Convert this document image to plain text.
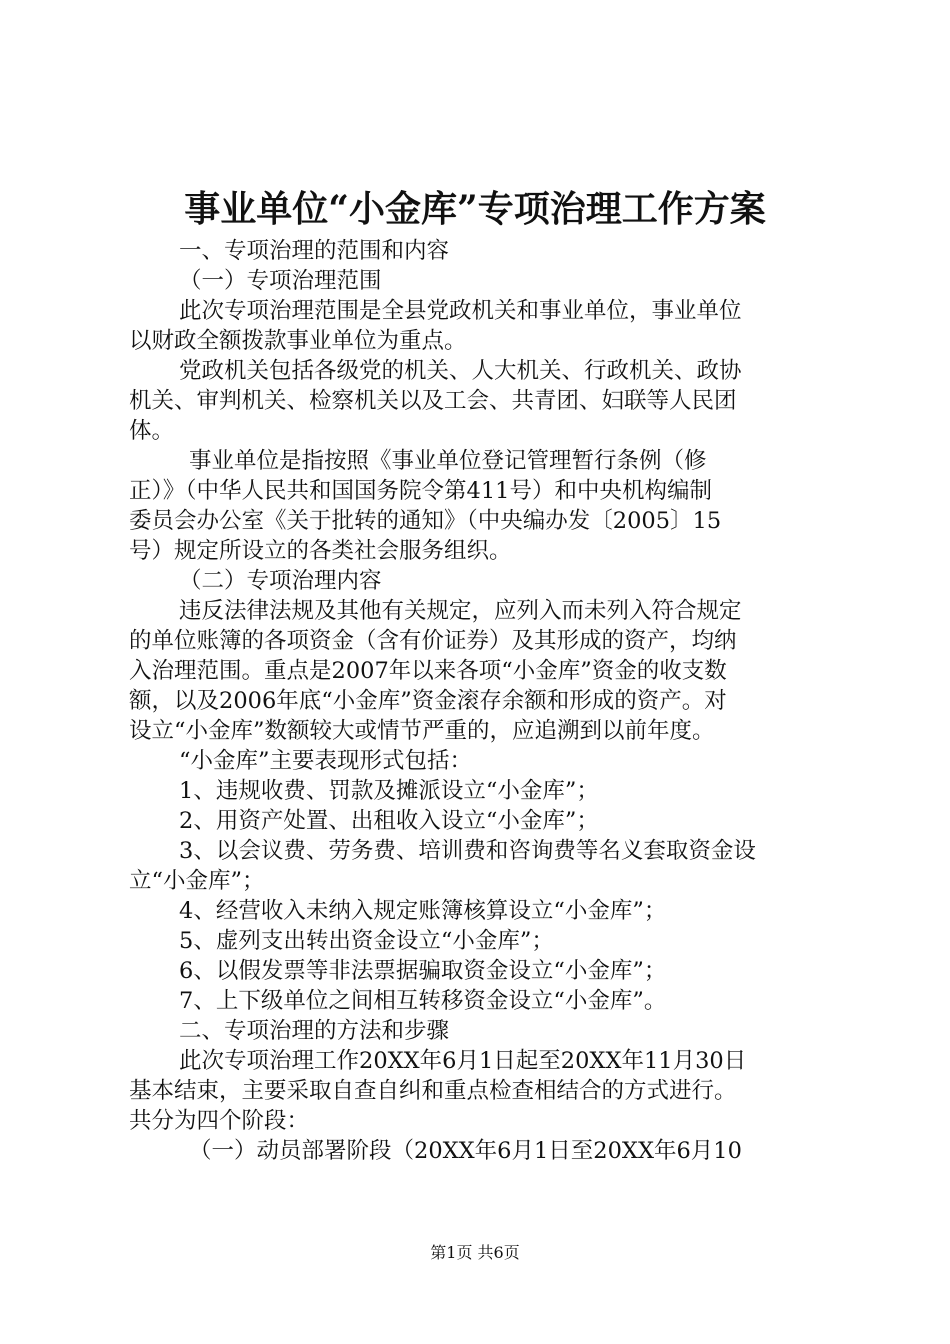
事业单位“小金库”专项治理工作方案
一、专项治理的范围和内容
（一）专项治理范围
此次专项治理范围是全县党政机关和事业单位，事业单位
以财政全额拨款事业单位为重点。
党政机关包括各级党的机关、人大机关、行政机关、政协
机关、审判机关、检察机关以及工会、共青团、妇联等人民团
体。
事业单位是指按照《事业单位登记管理暂行条例（修
正）》（中华人民共和国国务院令第411号）和中央机构编制
委员会办公室《关于批转的通知》（中央编办发〔2005〕15
号）规定所设立的各类社会服务组织。
（二）专项治理内容
违反法律法规及其他有关规定，应列入而未列入符合规定
的单位账簿的各项资金（含有价证券）及其形成的资产，均纳
入治理范围。重点是2007年以来各项“小金库”资金的收支数
额，以及2006年底“小金库”资金滚存余额和形成的资产。对
设立“小金库”数额较大或情节严重的，应追溯到以前年度。
“小金库”主要表现形式包括：
1、违规收费、罚款及摊派设立“小金库”；
2、用资产处置、出租收入设立“小金库”；
3、以会议费、劳务费、培训费和咨询费等名义套取资金设
立“小金库”；
4、经营收入未纳入规定账簿核算设立“小金库”；
5、虚列支出转出资金设立“小金库”；
6、以假发票等非法票据骗取资金设立“小金库”；
7、上下级单位之间相互转移资金设立“小金库”。
二、专项治理的方法和步骤
此次专项治理工作20XX年6月1日起至20XX年11月30日
基本结束，主要采取自查自纠和重点检查相结合的方式进行。
共分为四个阶段：
（一）动员部署阶段（20XX年6月1日至20XX年6月10
第1页 共6页
